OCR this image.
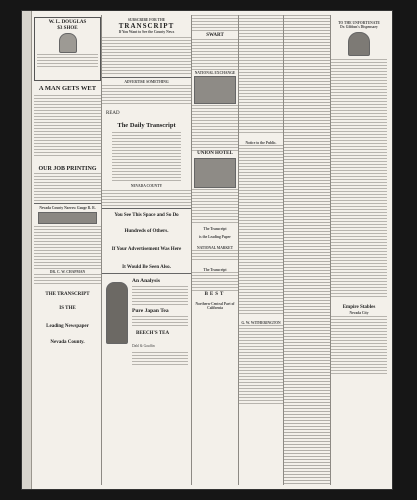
W. L. DOUGLAS
$3 SHOE
A MAN GETS WET
OUR JOB PRINTING
Nevada County Narrow Gauge R. R.
DR. C. W. CHAPMAN
THE TRANSCRIPT
IS THE
Leading Newspaper
Nevada County.
SUBSCRIBE FOR THE
TRANSCRIPT
If You Want to See the County News
ADVERTISE SOMETHING
READ
The Daily Transcript
NEVADA COUNTY
You See This Space and So Do
Hundreds of Others.
If Your Advertisement Was Here
It Would Be Seen Also.
An Analysis
Pure Japan Tea
BEECH'S TEA
Dahl & Gauffin
SWART
NATIONAL EXCHANGE
UNION HOTEL
The Transcript
is the Leading Paper
NATIONAL MARKET
The Transcript
BEST
Northern-Central Part of California
Notice to the Public.
G. W. WITHERINGTON
TO THE UNFORTUNATE
Dr. Gibbon's Dispensary
Empire Stables
Nevada City
